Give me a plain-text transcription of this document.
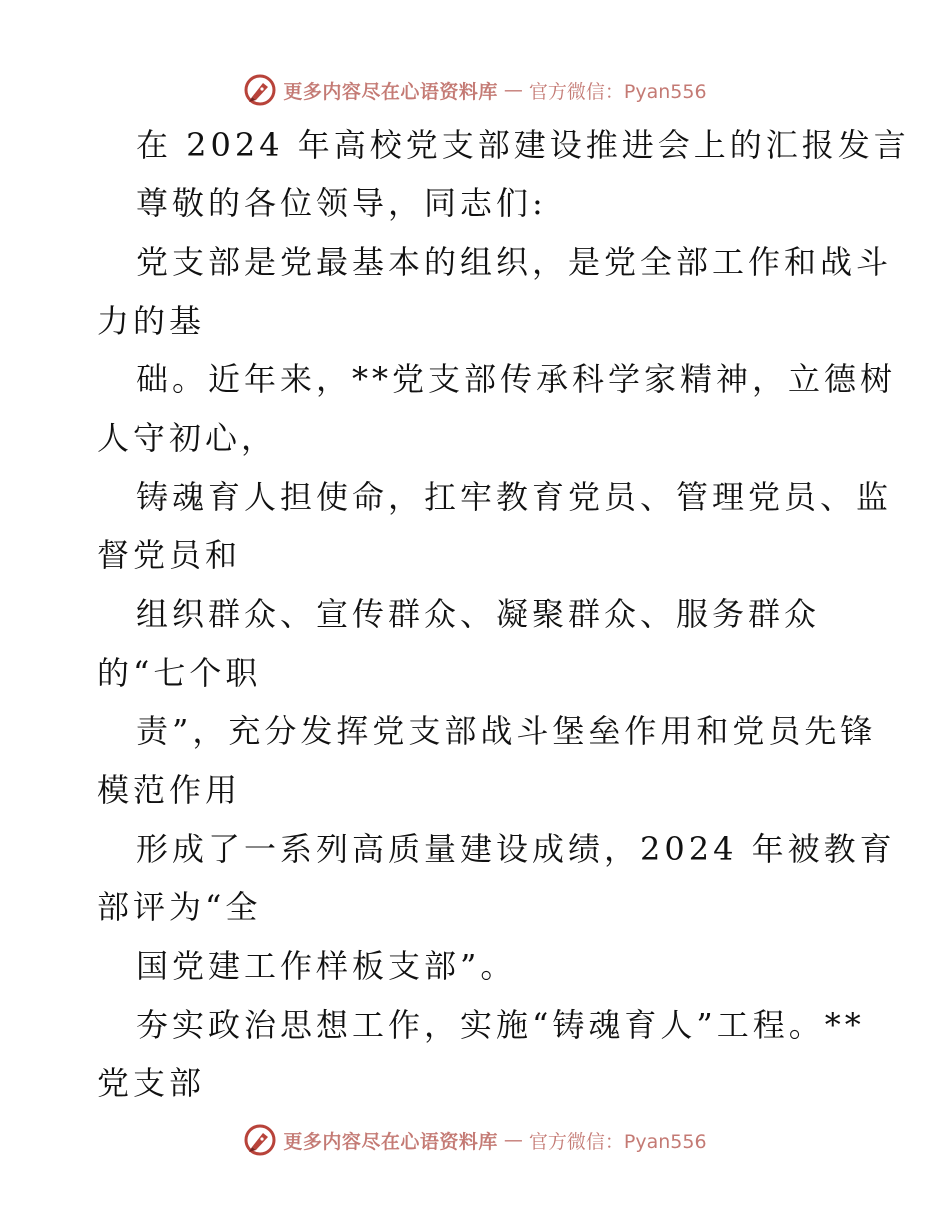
更多内容尽在心语资料库 — 官方微信：Pyan556
在 2024 年高校党支部建设推进会上的汇报发言
尊敬的各位领导，同志们:
党支部是党最基本的组织，是党全部工作和战斗
力的基
础。近年来，**党支部传承科学家精神，立德树
人守初心，
铸魂育人担使命，扛牢教育党员、管理党员、监
督党员和
组织群众、宣传群众、凝聚群众、服务群众
的“七个职
责”，充分发挥党支部战斗堡垒作用和党员先锋
模范作用
形成了一系列高质量建设成绩，2024 年被教育
部评为“全
国党建工作样板支部”。
夯实政治思想工作，实施“铸魂育人”工程。**
党支部
更多内容尽在心语资料库 — 官方微信：Pyan556
